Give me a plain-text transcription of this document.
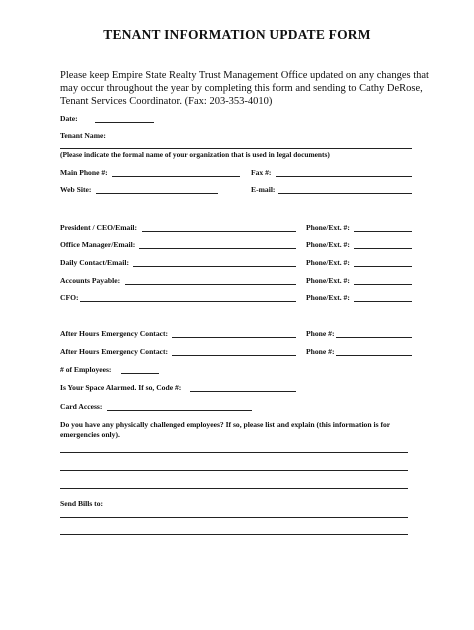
TENANT INFORMATION UPDATE FORM
Please keep Empire State Realty Trust Management Office updated on any changes that may occur throughout the year by completing this form and sending to Cathy DeRose, Tenant Services Coordinator. (Fax: 203-353-4010)
Date:
Tenant Name:
(Please indicate the formal name of your organization that is used in legal documents)
Main Phone #:	Fax #:
Web Site:	E-mail:
President / CEO/Email:	Phone/Ext. #:
Office Manager/Email:	Phone/Ext. #:
Daily Contact/Email:	Phone/Ext. #:
Accounts Payable:	Phone/Ext. #:
CFO:	Phone/Ext. #:
After Hours Emergency Contact:	Phone #:
After Hours Emergency Contact:	Phone #:
# of Employees:
Is Your Space Alarmed. If so, Code #:
Card Access:
Do you have any physically challenged employees? If so, please list and explain (this information is for emergencies only).
Send Bills to:
